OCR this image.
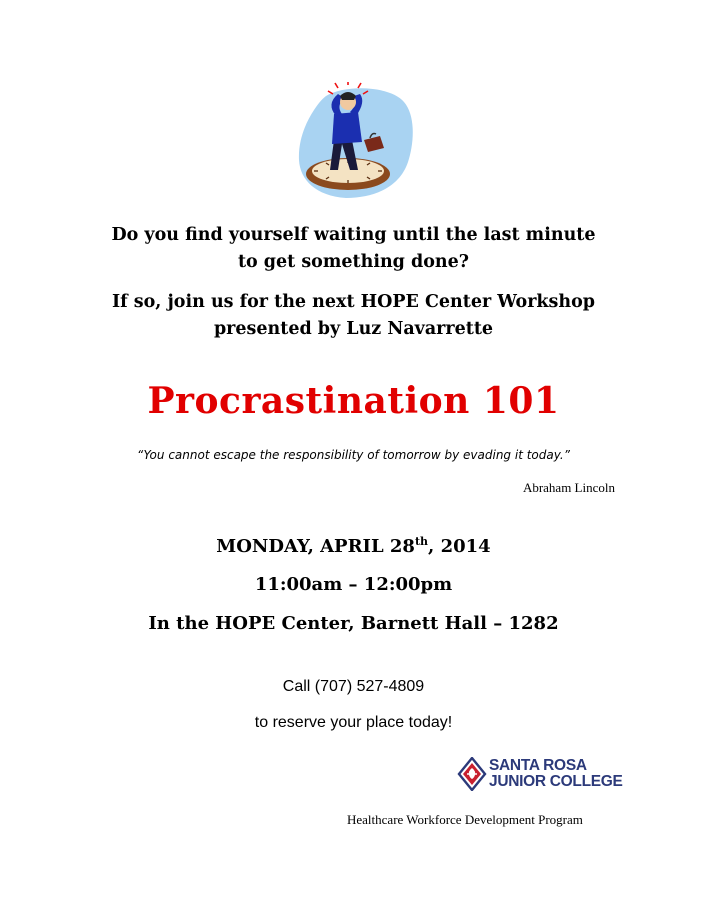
Do you find yourself waiting until the last minute
to get something done?
If so, join us for the next HOPE Center Workshop
presented by Luz Navarrette
Procrastination 101
“You cannot escape the responsibility of tomorrow by evading it today.”
Abraham Lincoln
MONDAY, APRIL 28th, 2014
11:00am – 12:00pm
In the HOPE Center, Barnett Hall – 1282
Call (707) 527-4809
to reserve your place today!
SANTA ROSA
JUNIOR COLLEGE
Healthcare Workforce Development Program
